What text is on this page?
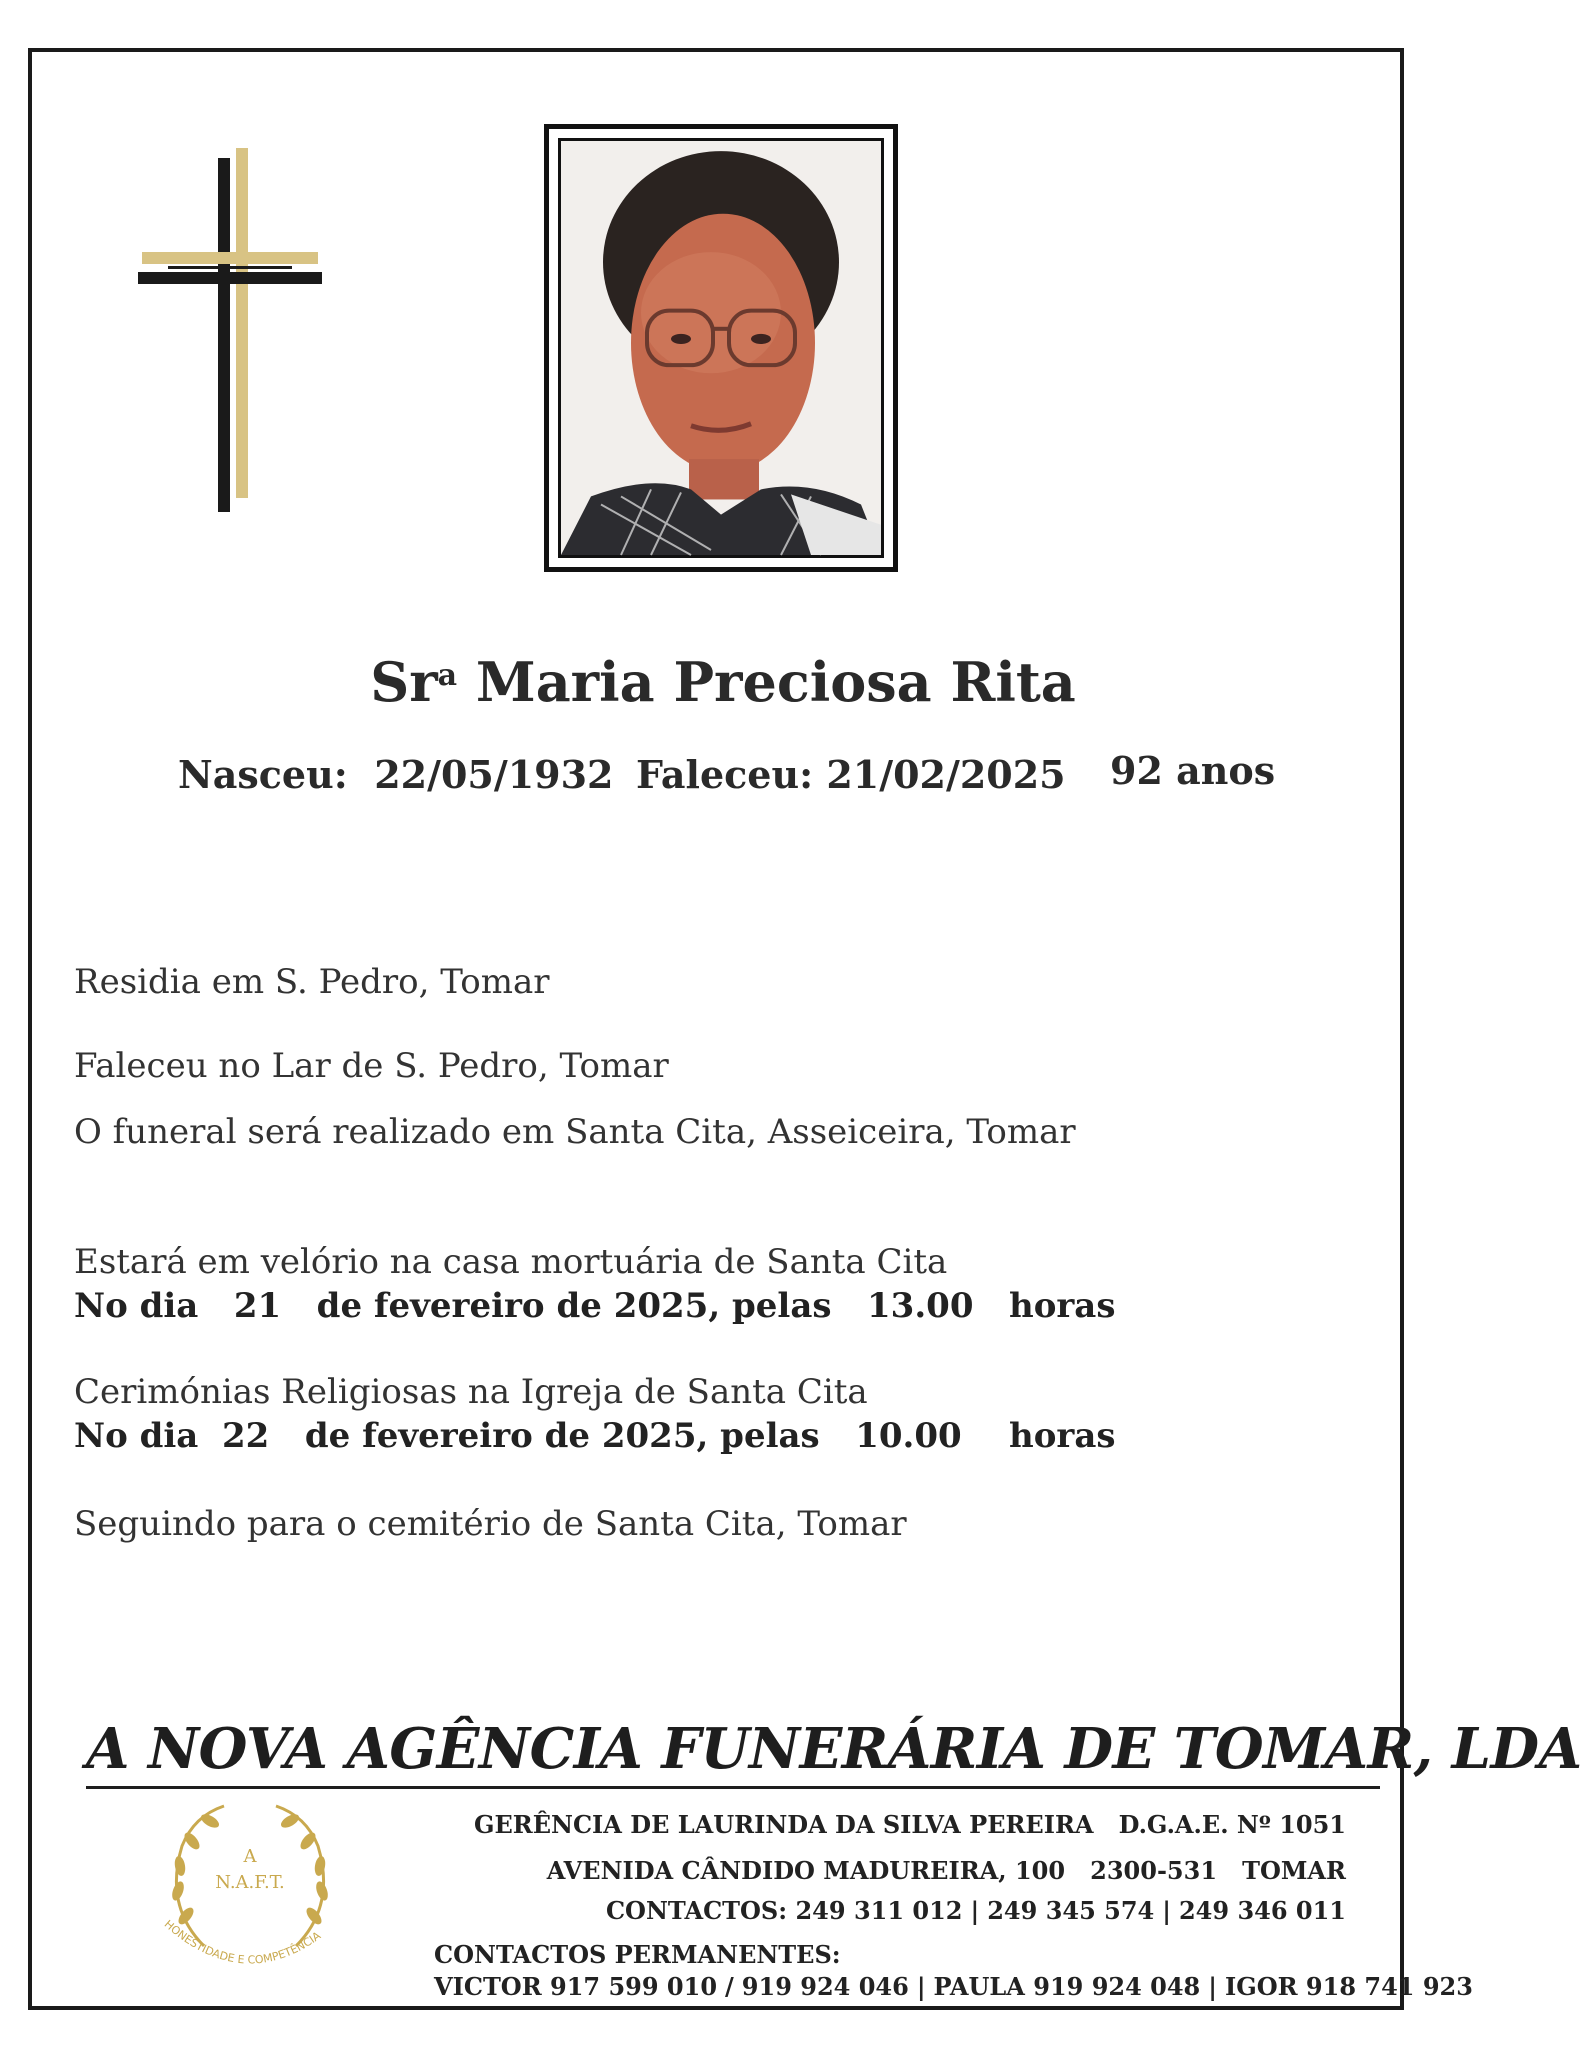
Sr$^a$ Maria Preciosa Rita
Nasceu: 22/05/1932 Faleceu: 21/02/2025 92 anos
Residia em S. Pedro, Tomar
Faleceu no Lar de S. Pedro, Tomar
O funeral será realizado em Santa Cita, Asseiceira, Tomar
Estará em velório na casa mortuária de Santa Cita
No dia 21 de fevereiro de 2025, pelas 13.00 horas
Cerimónias Religiosas na Igreja de Santa Cita
No dia 22 de fevereiro de 2025, pelas 10.00 horas
Seguindo para o cemitério de Santa Cita, Tomar
A NOVA AGÊNCIA FUNERÁRIA DE TOMAR, LDA
A
N.A.F.T.
HONESTIDADE E COMPETÊNCIA
GERÊNCIA DE LAURINDA DA SILVA PEREIRA D.G.A.E. Nº 1051
AVENIDA CÂNDIDO MADUREIRA, 100 2300-531 TOMAR
CONTACTOS: 249 311 012 | 249 345 574 | 249 346 011
CONTACTOS PERMANENTES:
VICTOR 917 599 010 / 919 924 046 | PAULA 919 924 048 | IGOR 918 741 923
